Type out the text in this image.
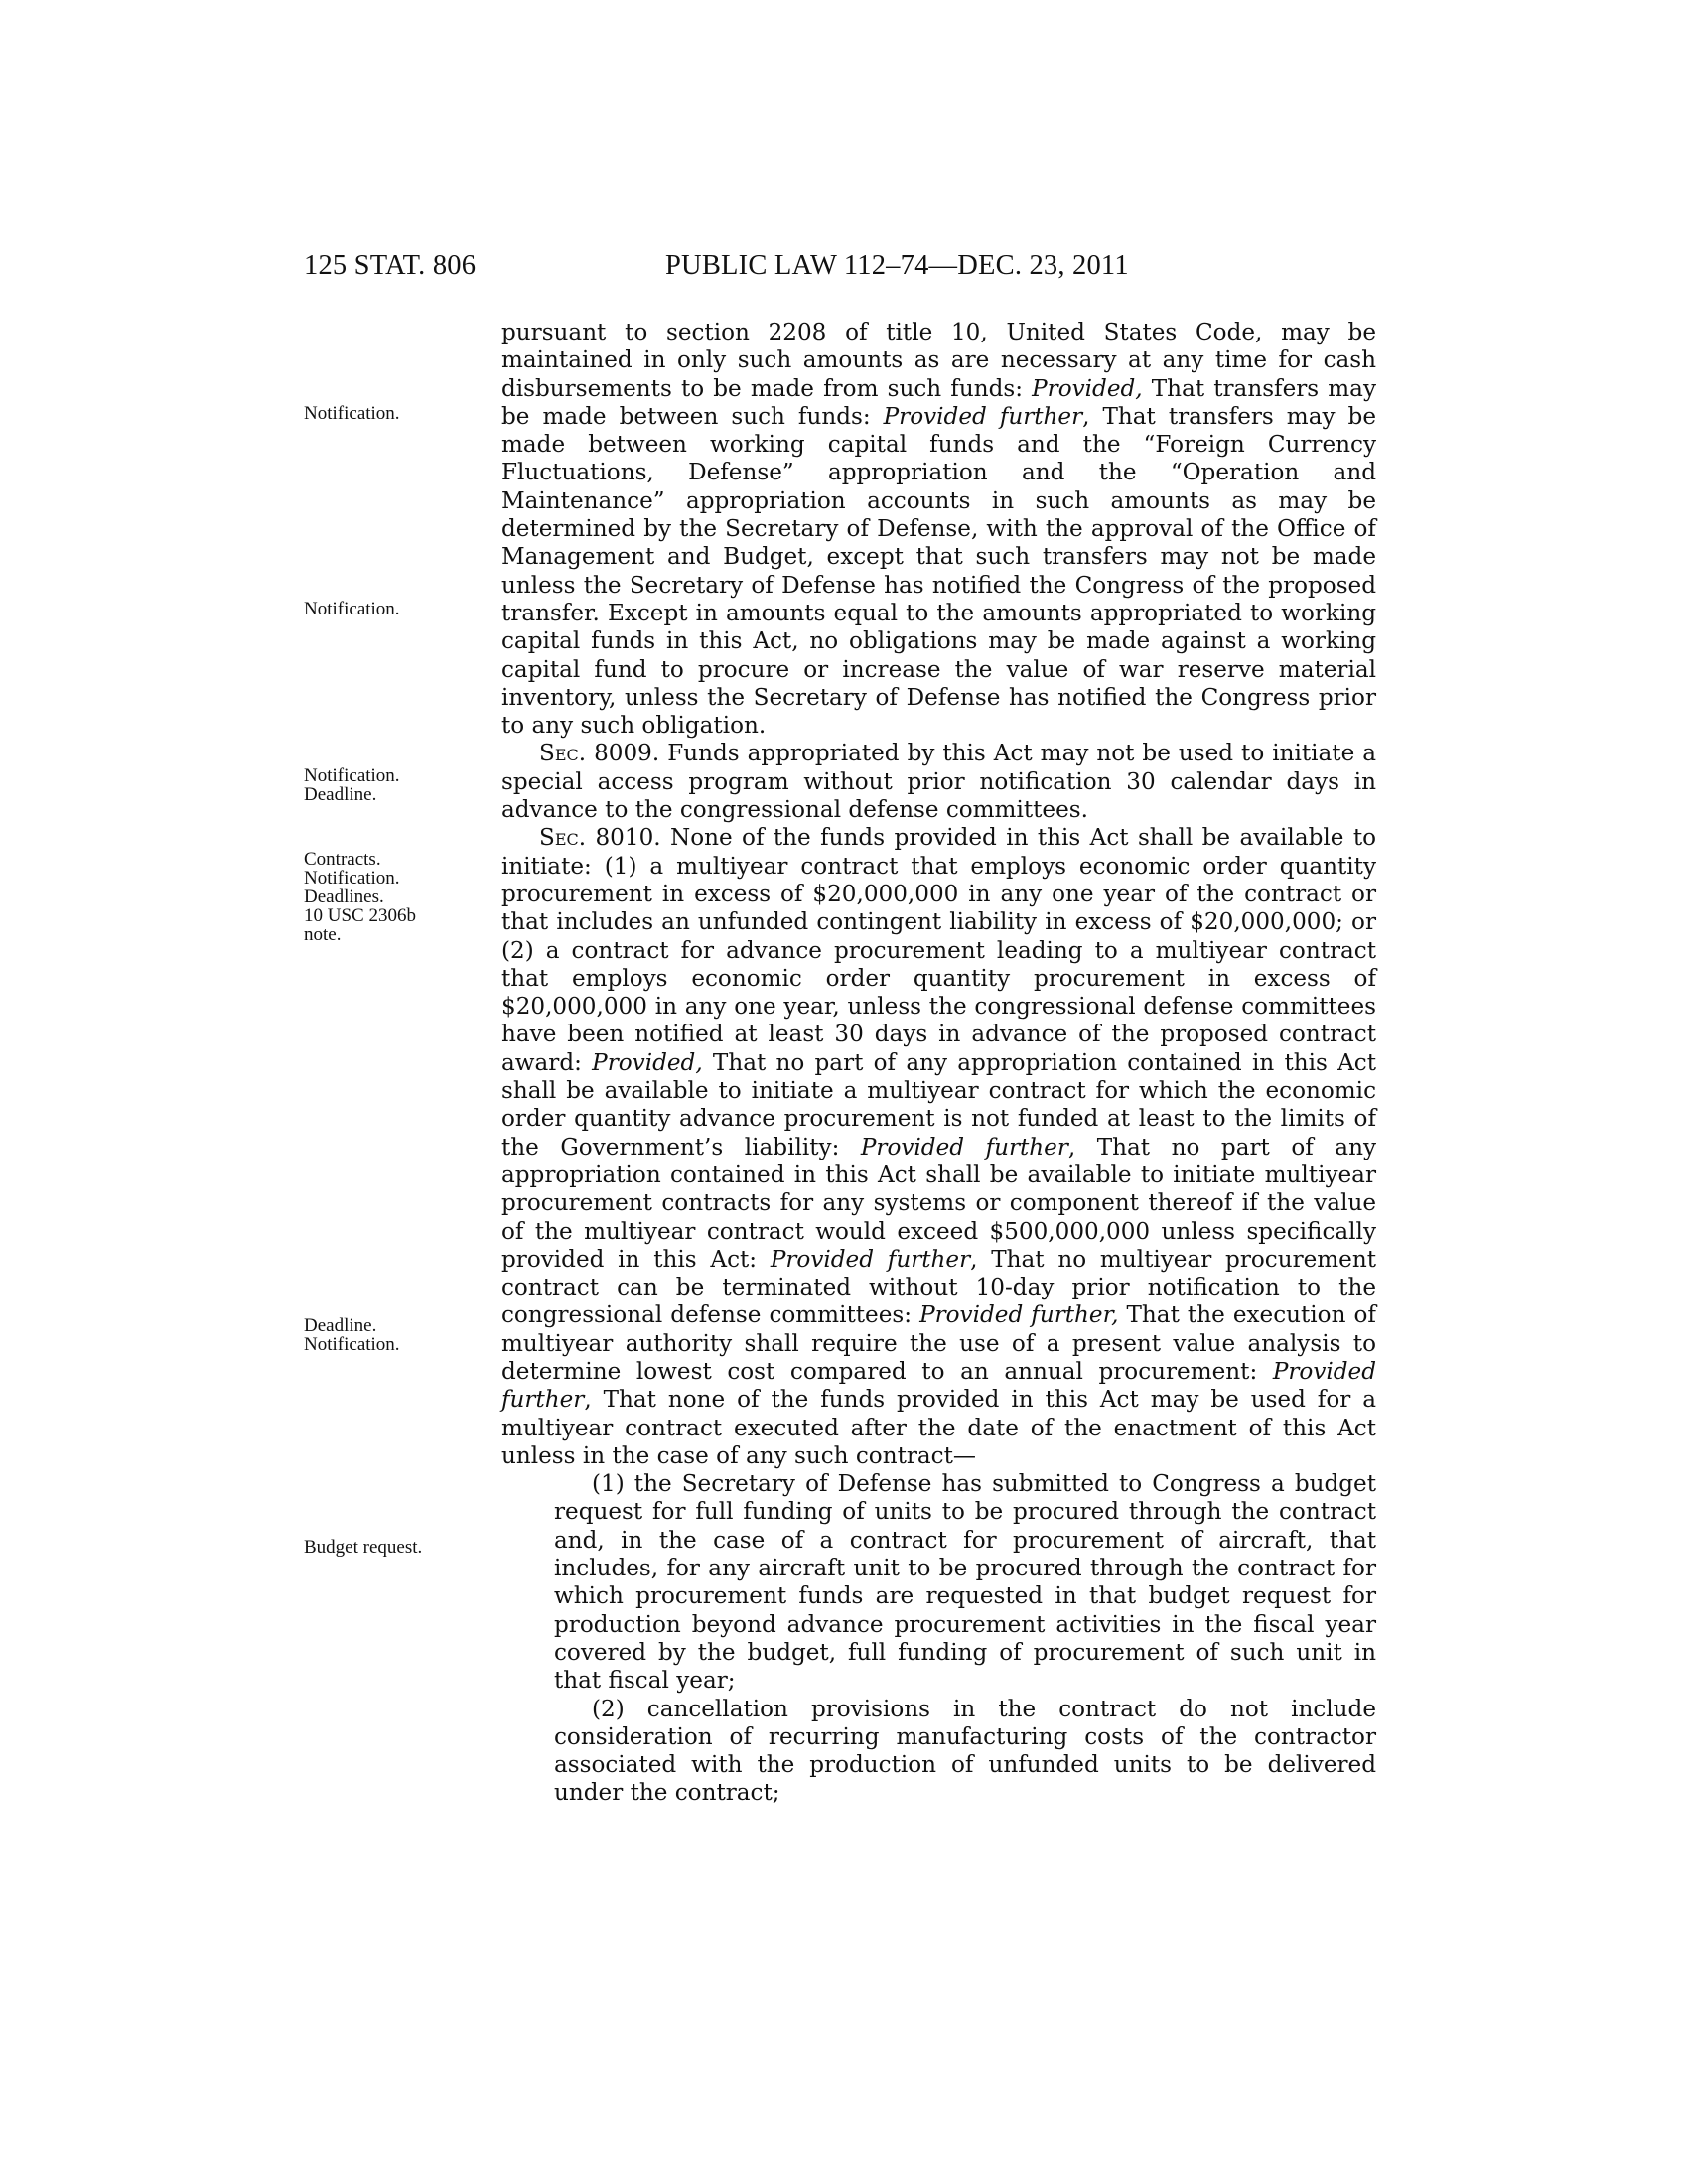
125 STAT. 806	PUBLIC LAW 112–74—DEC. 23, 2011
Notification.
Notification.
Notification.
Deadline.
Contracts.
Notification.
Deadlines.
10 USC 2306b
note.
Deadline.
Notification.
Budget request.

pursuant to section 2208 of title 10, United States Code, may be maintained in only such amounts as are necessary at any time for cash disbursements to be made from such funds: Provided, That transfers may be made between such funds: Provided further, That transfers may be made between working capital funds and the “Foreign Currency Fluctuations, Defense” appropriation and the “Operation and Maintenance” appropriation accounts in such amounts as may be determined by the Secretary of Defense, with the approval of the Office of Management and Budget, except that such transfers may not be made unless the Secretary of Defense has notified the Congress of the proposed transfer. Except in amounts equal to the amounts appropriated to working capital funds in this Act, no obligations may be made against a working capital fund to procure or increase the value of war reserve material inventory, unless the Secretary of Defense has notified the Congress prior to any such obligation.

Sec. 8009. Funds appropriated by this Act may not be used to initiate a special access program without prior notification 30 calendar days in advance to the congressional defense committees.

Sec. 8010. None of the funds provided in this Act shall be available to initiate: (1) a multiyear contract that employs economic order quantity procurement in excess of $20,000,000 in any one year of the contract or that includes an unfunded contingent liability in excess of $20,000,000; or (2) a contract for advance procurement leading to a multiyear contract that employs economic order quantity procurement in excess of $20,000,000 in any one year, unless the congressional defense committees have been notified at least 30 days in advance of the proposed contract award: Provided, That no part of any appropriation contained in this Act shall be available to initiate a multiyear contract for which the economic order quantity advance procurement is not funded at least to the limits of the Government’s liability: Provided further, That no part of any appropriation contained in this Act shall be available to initiate multiyear procurement contracts for any systems or component thereof if the value of the multiyear contract would exceed $500,000,000 unless specifically provided in this Act: Provided further, That no multiyear procurement contract can be terminated without 10-day prior notification to the congressional defense committees: Provided further, That the execution of multiyear authority shall require the use of a present value analysis to determine lowest cost compared to an annual procurement: Provided further, That none of the funds provided in this Act may be used for a multiyear contract executed after the date of the enactment of this Act unless in the case of any such contract—

(1) the Secretary of Defense has submitted to Congress a budget request for full funding of units to be procured through the contract and, in the case of a contract for procurement of aircraft, that includes, for any aircraft unit to be procured through the contract for which procurement funds are requested in that budget request for production beyond advance procurement activities in the fiscal year covered by the budget, full funding of procurement of such unit in that fiscal year;

(2) cancellation provisions in the contract do not include consideration of recurring manufacturing costs of the contractor associated with the production of unfunded units to be delivered under the contract;
